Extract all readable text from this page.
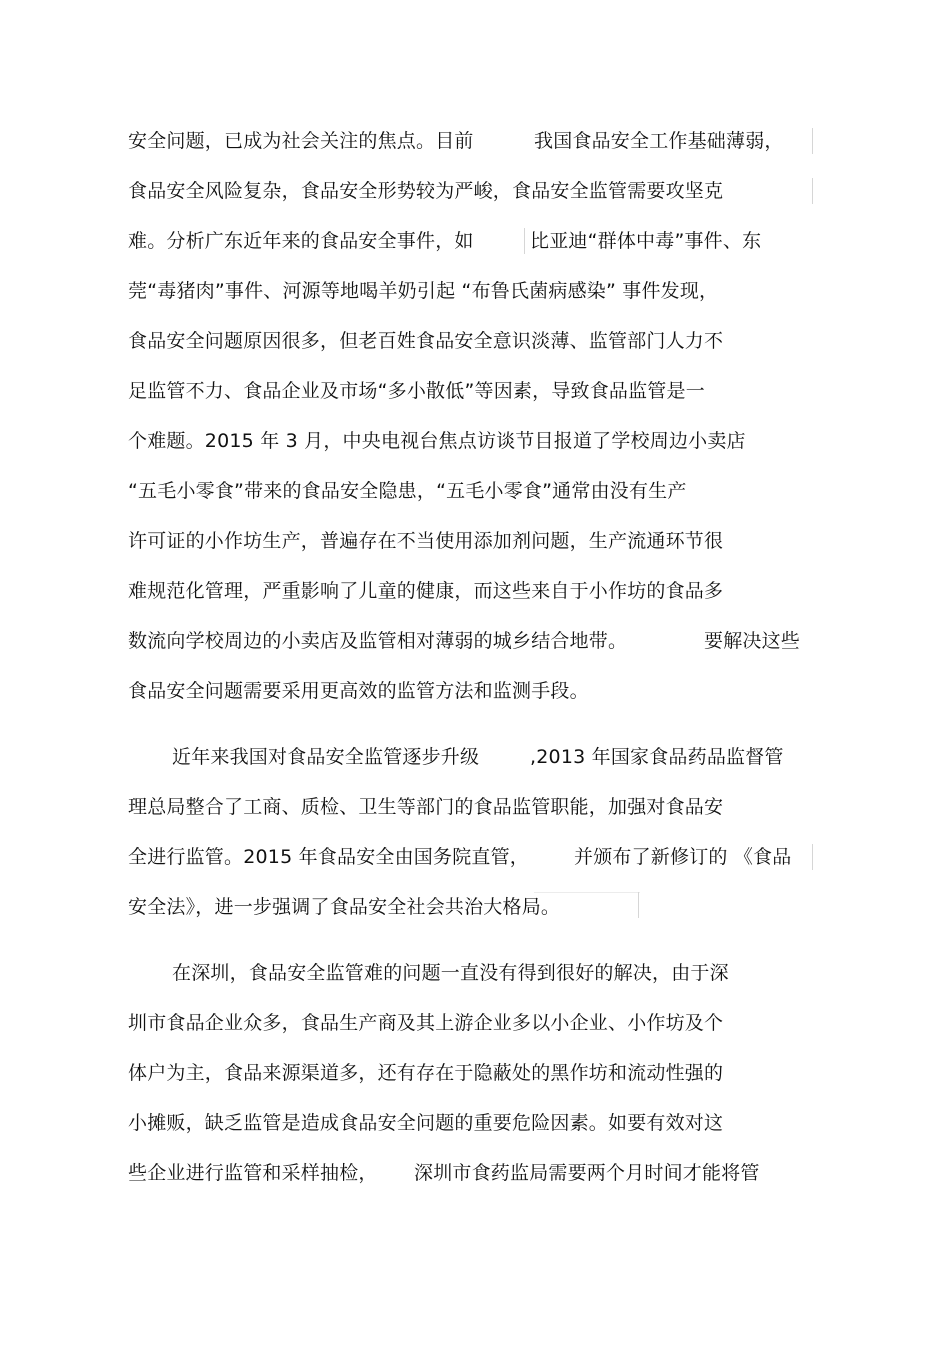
安全问题，已成为社会关注的焦点。目前	我国食品安全工作基础薄弱，
食品安全风险复杂，食品安全形势较为严峻，食品安全监管需要攻坚克
难。分析广东近年来的食品安全事件，如	比亚迪“群体中毒”事件、东
莞“毒猪肉”事件、河源等地喝羊奶引起 “布鲁氏菌病感染” 事件发现，
食品安全问题原因很多，但老百姓食品安全意识淡薄、监管部门人力不
足监管不力、食品企业及市场“多小散低”等因素，导致食品监管是一
个难题。2015 年 3 月，中央电视台焦点访谈节目报道了学校周边小卖店
“五毛小零食”带来的食品安全隐患，“五毛小零食”通常由没有生产
许可证的小作坊生产，普遍存在不当使用添加剂问题，生产流通环节很
难规范化管理，严重影响了儿童的健康，而这些来自于小作坊的食品多
数流向学校周边的小卖店及监管相对薄弱的城乡结合地带。	要解决这些
食品安全问题需要采用更高效的监管方法和监测手段。
近年来我国对食品安全监管逐步升级	,2013 年国家食品药品监督管
理总局整合了工商、质检、卫生等部门的食品监管职能，加强对食品安
全进行监管。2015 年食品安全由国务院直管， 并颁布了新修订的 《食品
安全法》，进一步强调了食品安全社会共治大格局。
在深圳，食品安全监管难的问题一直没有得到很好的解决，由于深
圳市食品企业众多，食品生产商及其上游企业多以小企业、小作坊及个
体户为主，食品来源渠道多，还有存在于隐蔽处的黑作坊和流动性强的
小摊贩，缺乏监管是造成食品安全问题的重要危险因素。如要有效对这
些企业进行监管和采样抽检， 深圳市食药监局需要两个月时间才能将管
